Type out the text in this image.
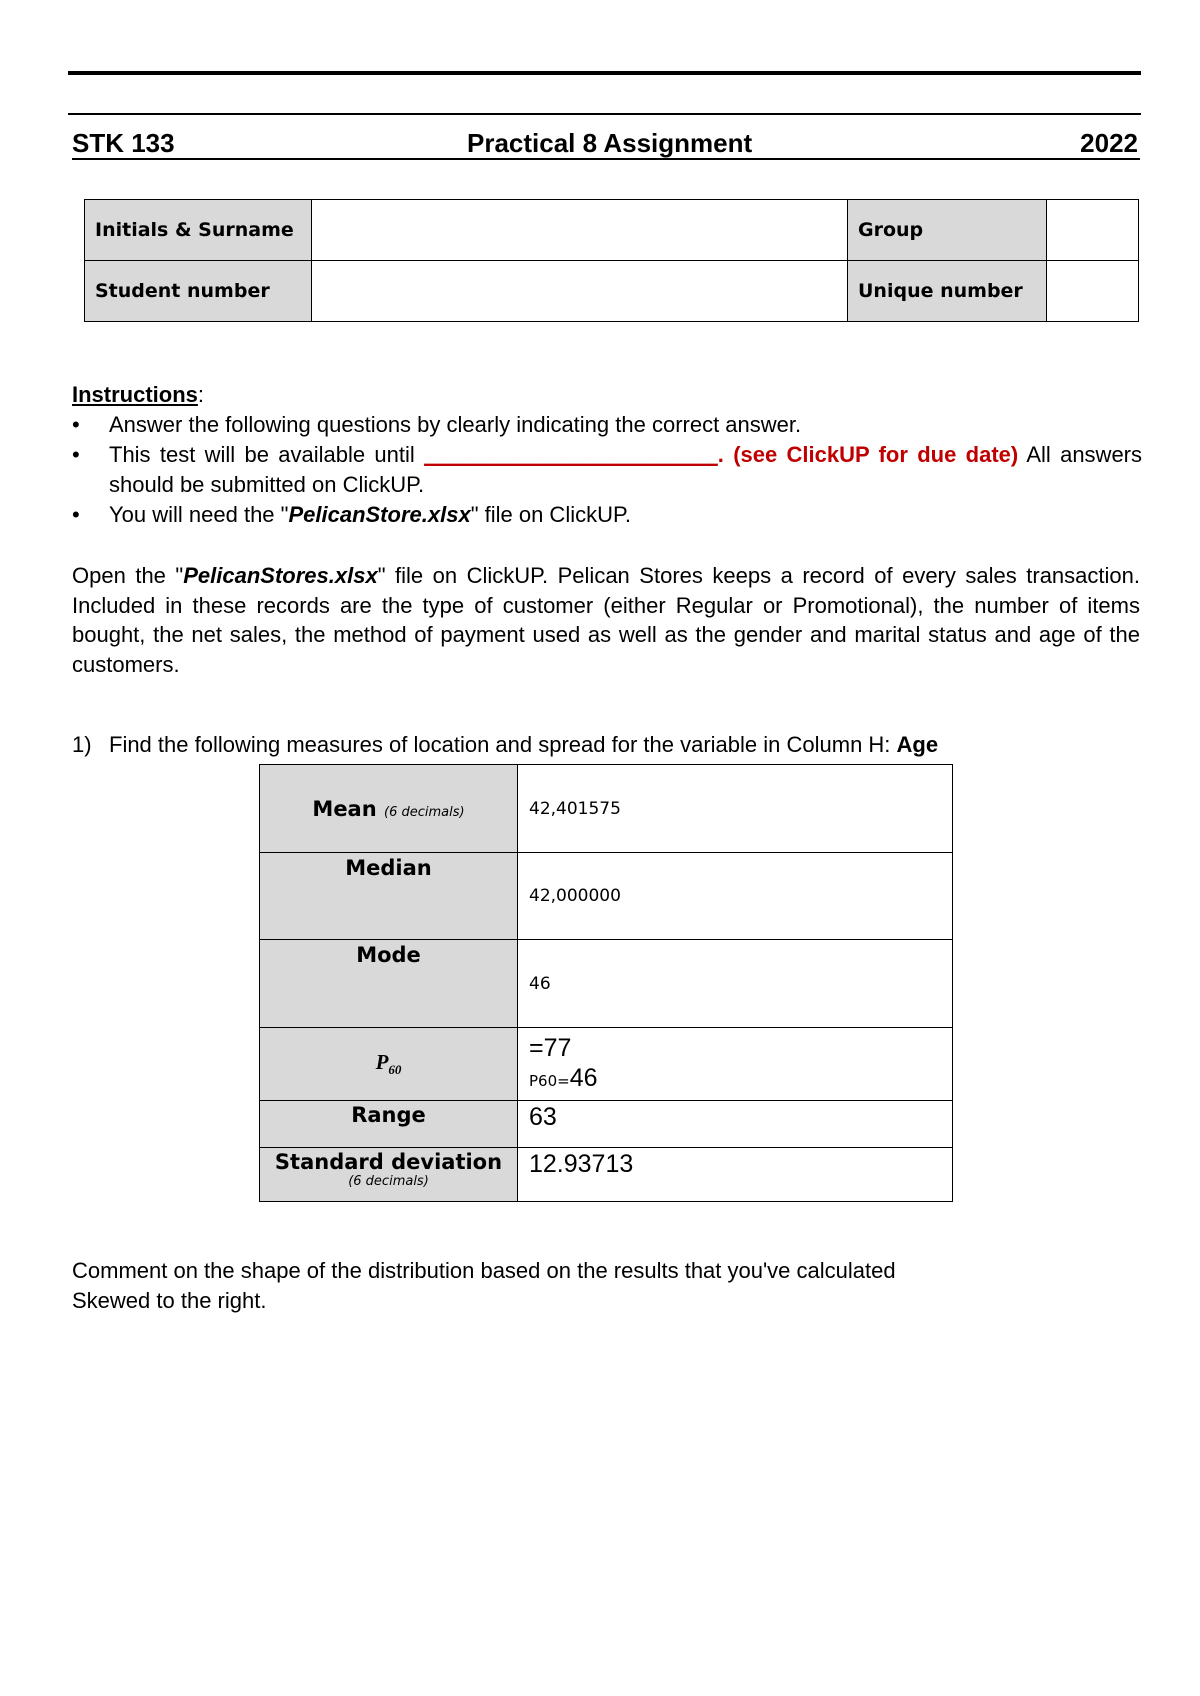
STK 133	Practical 8 Assignment	2022
Initials & Surname		Group	
Student number		Unique number	
Instructions:
• Answer the following questions by clearly indicating the correct answer.
• This test will be available until ________________________. (see ClickUP for due date) All answers should be submitted on ClickUP.
• You will need the "PelicanStore.xlsx" file on ClickUP.
Open the "PelicanStores.xlsx" file on ClickUP. Pelican Stores keeps a record of every sales transaction. Included in these records are the type of customer (either Regular or Promotional), the number of items bought, the net sales, the method of payment used as well as the gender and marital status and age of the customers.
1) Find the following measures of location and spread for the variable in Column H: Age
Mean (6 decimals)	42,401575
Median	42,000000
Mode	46
$P_{60}$	=77
P60=46

Range	63

Standard deviation
(6 decimals)	12.93713
Comment on the shape of the distribution based on the results that you've calculated
Skewed to the right.
